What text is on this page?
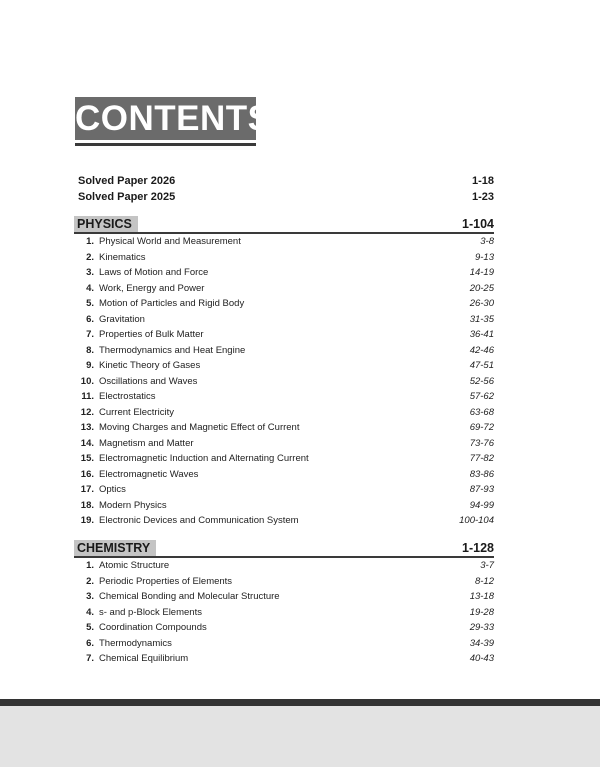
CONTENTS
Solved Paper 2026	1-18
Solved Paper 2025	1-23
PHYSICS	1-104
1. Physical World and Measurement	3-8
2. Kinematics	9-13
3. Laws of Motion and Force	14-19
4. Work, Energy and Power	20-25
5. Motion of Particles and Rigid Body	26-30
6. Gravitation	31-35
7. Properties of Bulk Matter	36-41
8. Thermodynamics and Heat Engine	42-46
9. Kinetic Theory of Gases	47-51
10. Oscillations and Waves	52-56
11. Electrostatics	57-62
12. Current Electricity	63-68
13. Moving Charges and Magnetic Effect of Current	69-72
14. Magnetism and Matter	73-76
15. Electromagnetic Induction and Alternating Current	77-82
16. Electromagnetic Waves	83-86
17. Optics	87-93
18. Modern Physics	94-99
19. Electronic Devices and Communication System	100-104
CHEMISTRY	1-128
1. Atomic Structure	3-7
2. Periodic Properties of Elements	8-12
3. Chemical Bonding and Molecular Structure	13-18
4. s- and p-Block Elements	19-28
5. Coordination Compounds	29-33
6. Thermodynamics	34-39
7. Chemical Equilibrium	40-43
